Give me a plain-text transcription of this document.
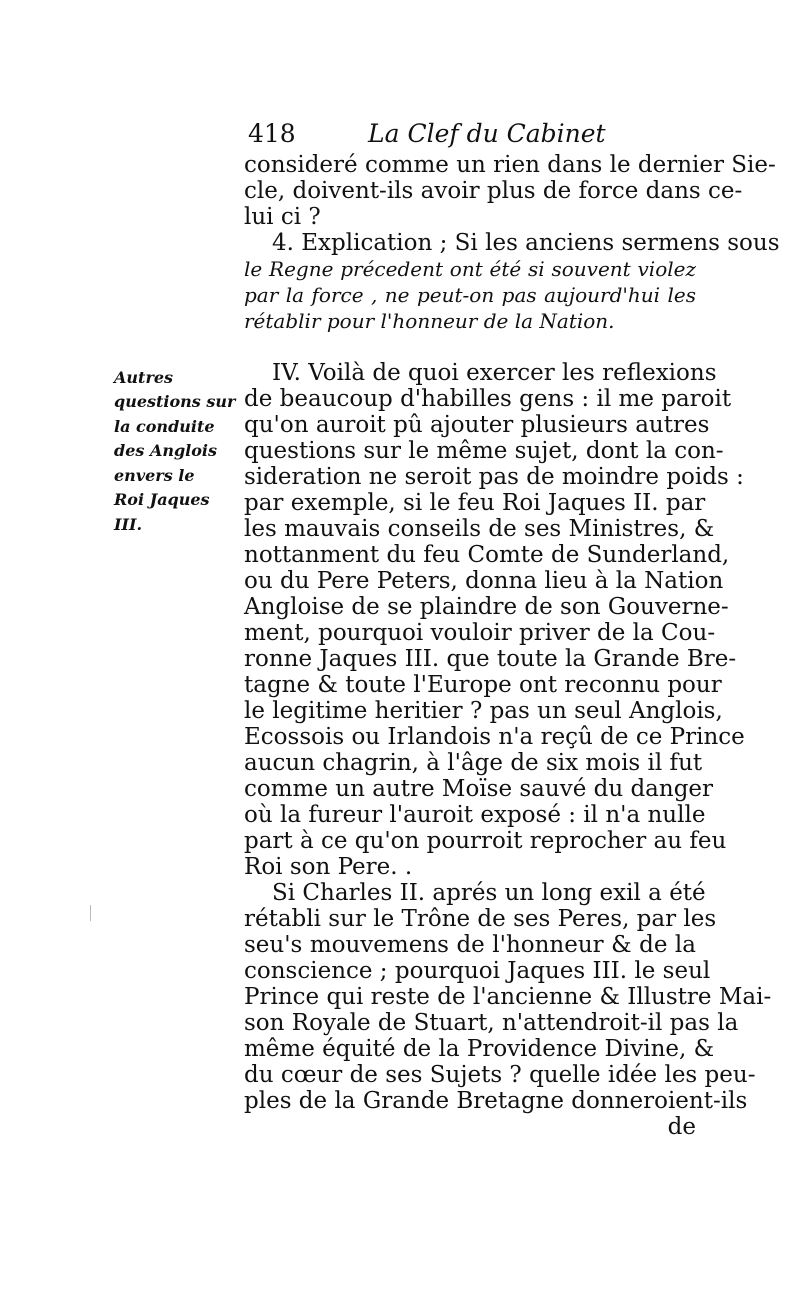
418	La Clef du Cabinet
consideré comme un rien dans le dernier Sie-
cle, doivent-ils avoir plus de force dans ce-
lui ci ?
4. Explication ; Si les anciens sermens sous
le Regne précedent ont été si souvent violez
par la force , ne peut-on pas aujourd'hui les
rétablir pour l'honneur de la Nation.
IV. Voilà de quoi exercer les reflexions
de beaucoup d'habilles gens : il me paroit
qu'on auroit pû ajouter plusieurs autres
questions sur le même sujet, dont la con-
sideration ne seroit pas de moindre poids :
par exemple, si le feu Roi Jaques II. par
les mauvais conseils de ses Ministres, &
nottanment du feu Comte de Sunderland,
ou du Pere Peters, donna lieu à la Nation
Angloise de se plaindre de son Gouverne-
ment, pourquoi vouloir priver de la Cou-
ronne Jaques III. que toute la Grande Bre-
tagne & toute l'Europe ont reconnu pour
le legitime heritier ? pas un seul Anglois,
Ecossois ou Irlandois n'a reçû de ce Prince
aucun chagrin, à l'âge de six mois il fut
comme un autre Moïse sauvé du danger
où la fureur l'auroit exposé : il n'a nulle
part à ce qu'on pourroit reprocher au feu
Roi son Pere. .
Si Charles II. aprés un long exil a été
rétabli sur le Trône de ses Peres, par les
seu's mouvemens de l'honneur & de la
conscience ; pourquoi Jaques III. le seul
Prince qui reste de l'ancienne & Illustre Mai-
son Royale de Stuart, n'attendroit-il pas la
même équité de la Providence Divine, &
du cœur de ses Sujets ? quelle idée les peu-
ples de la Grande Bretagne donneroient-ils
de
Autres
questions sur
la conduite
des Anglois
envers le
Roi Jaques
III.
